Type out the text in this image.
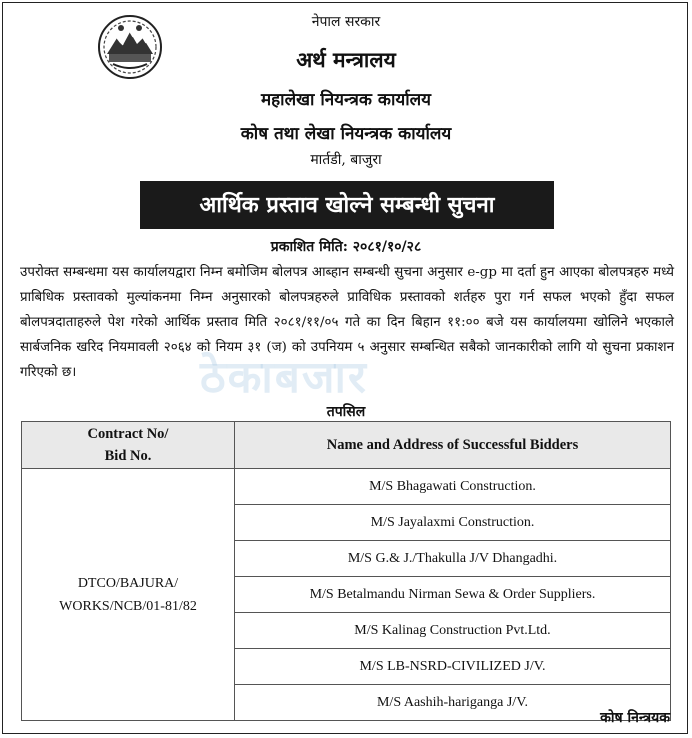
नेपाल सरकार
अर्थ मन्त्रालय
महालेखा नियन्त्रक कार्यालय
कोष तथा लेखा नियन्त्रक कार्यालय
मार्तडी, बाजुरा
आर्थिक प्रस्ताव खोल्ने सम्बन्धी सुचना
प्रकाशित मिति: २०८१/१०/२८
ठेकाबजार
उपरोक्त सम्बन्धमा यस कार्यालयद्वारा निम्न बमोजिम बोलपत्र आब्हान सम्बन्धी सुचना अनुसार e-gp मा दर्ता हुन आएका बोलपत्रहरु मध्ये प्राबिधिक प्रस्तावको मुल्यांकनमा निम्न अनुसारको बोलपत्रहरुले प्राविधिक प्रस्तावको शर्तहरु पुरा गर्न सफल भएको हुँदा सफल बोलपत्रदाताहरुले पेश गरेको आर्थिक प्रस्ताव मिति २०८१/११/०५ गते का दिन बिहान ११:०० बजे यस कार्यालयमा खोलिने भएकाले सार्बजनिक खरिद नियमावली २०६४ को नियम ३१ (ज) को उपनियम ५ अनुसार सम्बन्धित सबैको जानकारीको लागि यो सुचना प्रकाशन गरिएको छ।
तपसिल
Contract No/
Bid No.	Name and Address of Successful Bidders
DTCO/BAJURA/
WORKS/NCB/01-81/82	M/S Bhagawati Construction.
	M/S Jayalaxmi Construction.
	M/S G.& J./Thakulla J/V Dhangadhi.
	M/S Betalmandu Nirman Sewa & Order Suppliers.
	M/S Kalinag Construction Pvt.Ltd.
	M/S LB-NSRD-CIVILIZED J/V.
	M/S Aashih-hariganga J/V.
कोष निन्त्रयक
